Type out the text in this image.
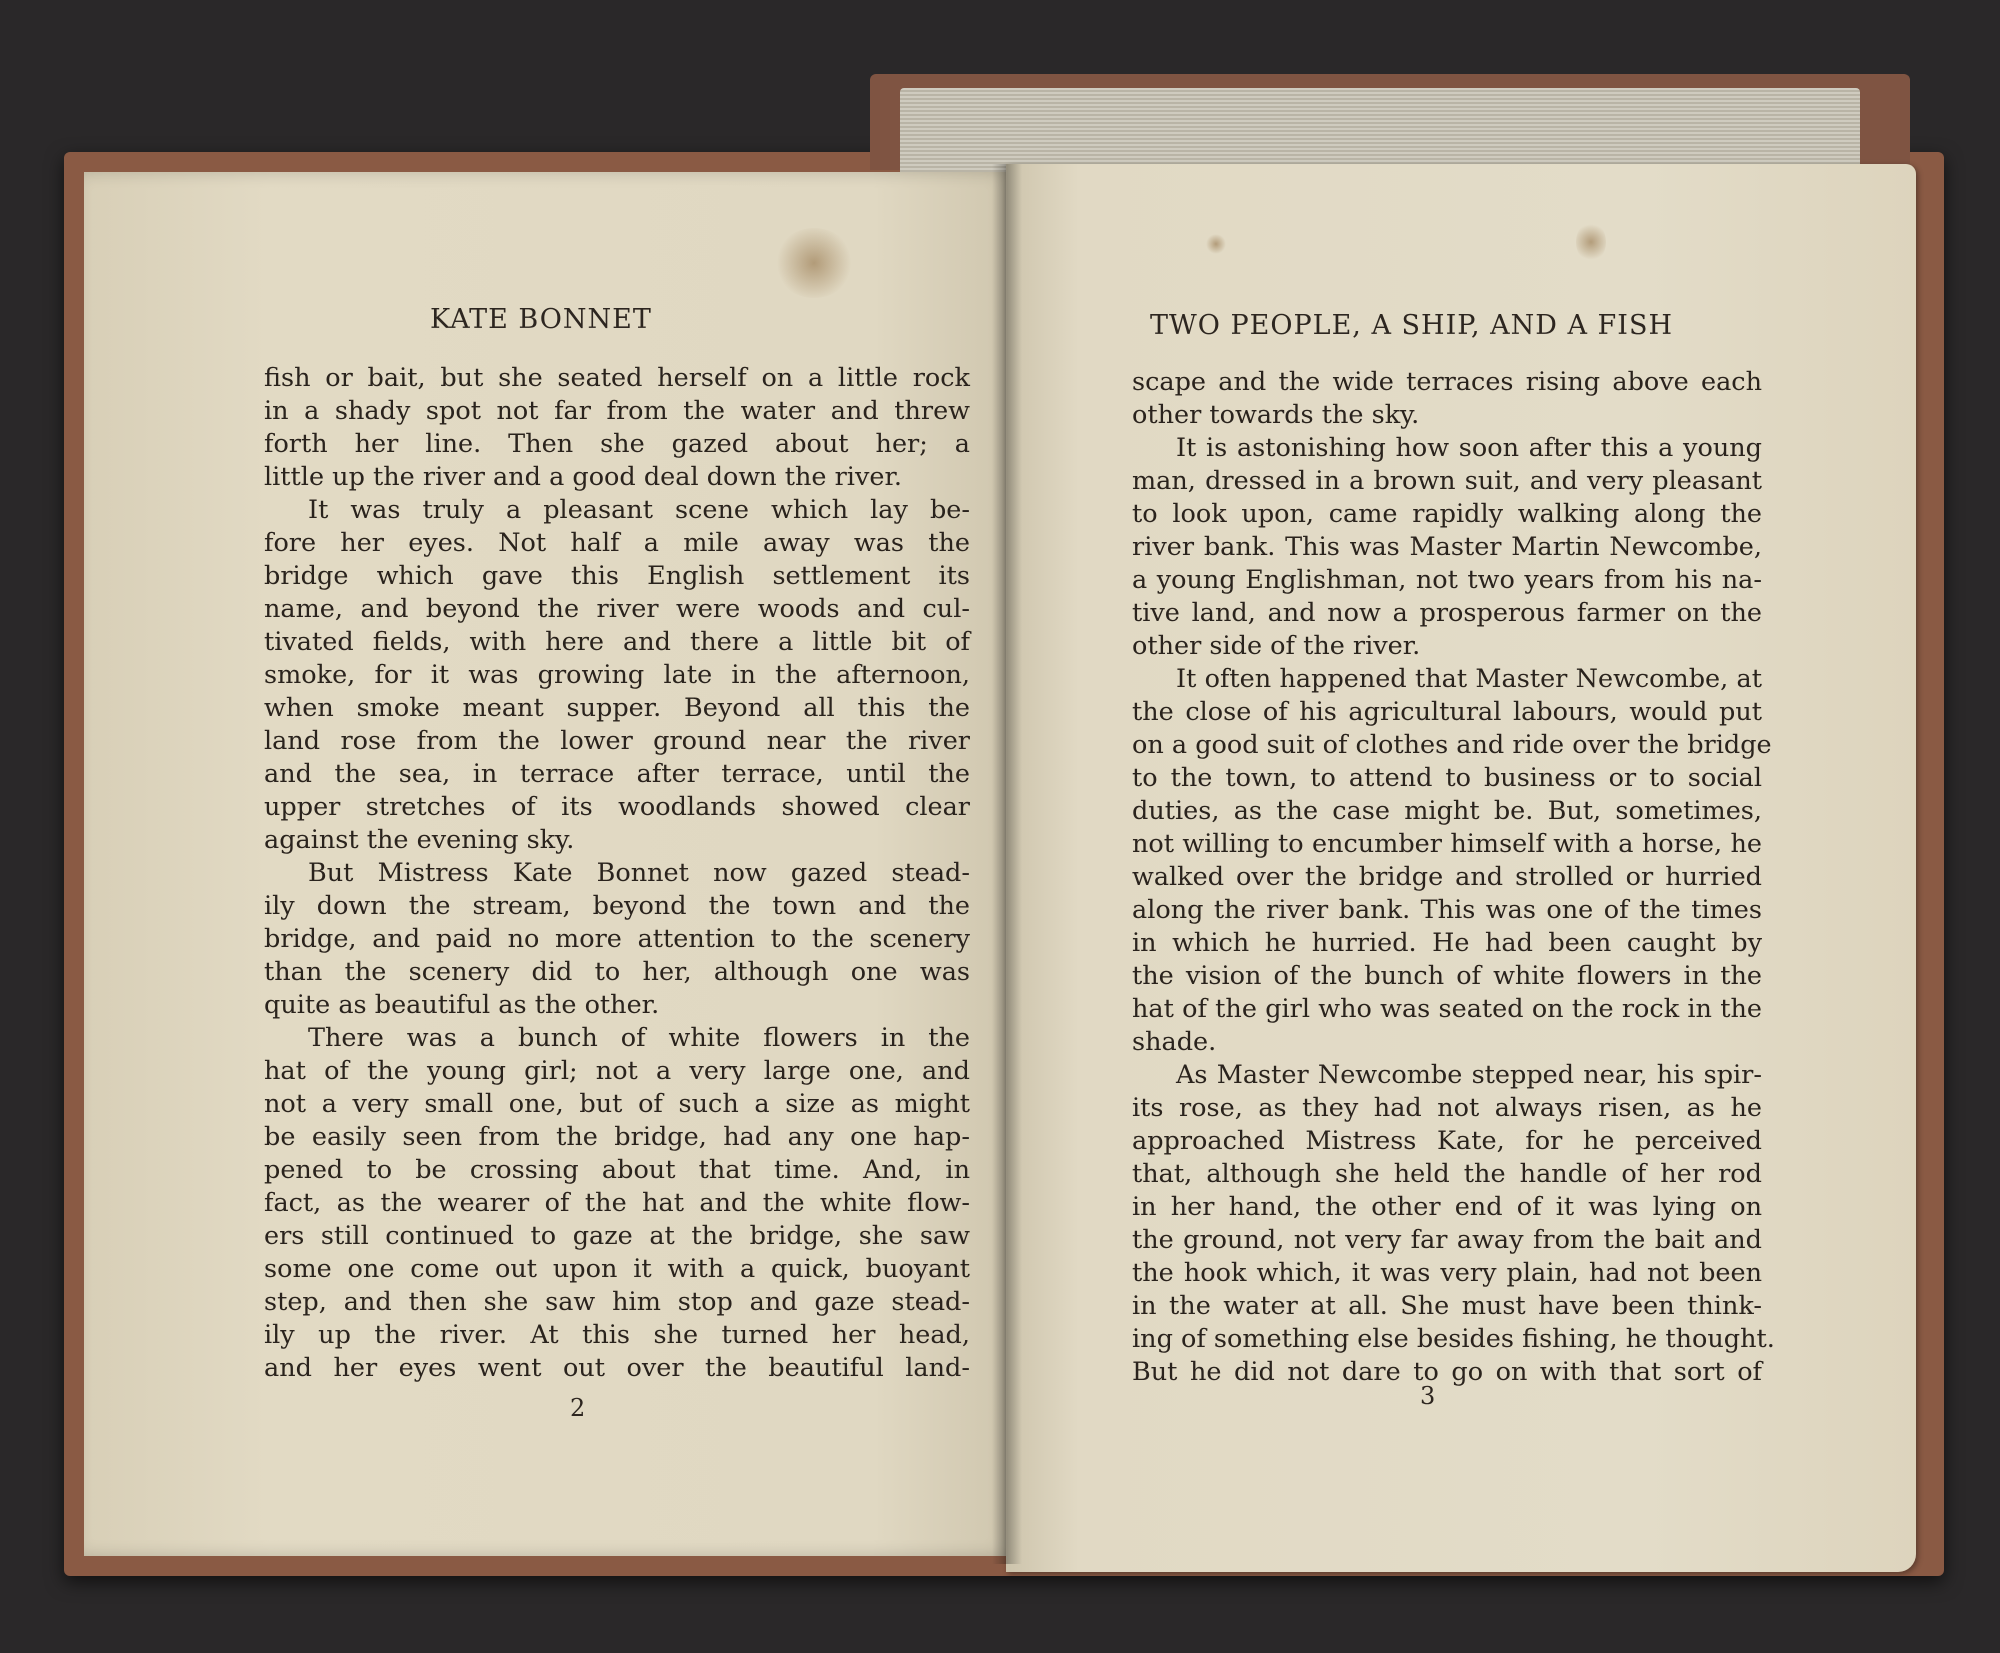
KATE BONNET
fish or bait, but she seated herself on a little rock
in a shady spot not far from the water and threw
forth her line. Then she gazed about her; a
little up the river and a good deal down the river.
It was truly a pleasant scene which lay be-
fore her eyes. Not half a mile away was the
bridge which gave this English settlement its
name, and beyond the river were woods and cul-
tivated fields, with here and there a little bit of
smoke, for it was growing late in the afternoon,
when smoke meant supper. Beyond all this the
land rose from the lower ground near the river
and the sea, in terrace after terrace, until the
upper stretches of its woodlands showed clear
against the evening sky.
But Mistress Kate Bonnet now gazed stead-
ily down the stream, beyond the town and the
bridge, and paid no more attention to the scenery
than the scenery did to her, although one was
quite as beautiful as the other.
There was a bunch of white flowers in the
hat of the young girl; not a very large one, and
not a very small one, but of such a size as might
be easily seen from the bridge, had any one hap-
pened to be crossing about that time. And, in
fact, as the wearer of the hat and the white flow-
ers still continued to gaze at the bridge, she saw
some one come out upon it with a quick, buoyant
step, and then she saw him stop and gaze stead-
ily up the river. At this she turned her head,
and her eyes went out over the beautiful land-
2
TWO PEOPLE, A SHIP, AND A FISH
scape and the wide terraces rising above each
other towards the sky.
It is astonishing how soon after this a young
man, dressed in a brown suit, and very pleasant
to look upon, came rapidly walking along the
river bank. This was Master Martin Newcombe,
a young Englishman, not two years from his na-
tive land, and now a prosperous farmer on the
other side of the river.
It often happened that Master Newcombe, at
the close of his agricultural labours, would put
on a good suit of clothes and ride over the bridge
to the town, to attend to business or to social
duties, as the case might be. But, sometimes,
not willing to encumber himself with a horse, he
walked over the bridge and strolled or hurried
along the river bank. This was one of the times
in which he hurried. He had been caught by
the vision of the bunch of white flowers in the
hat of the girl who was seated on the rock in the
shade.
As Master Newcombe stepped near, his spir-
its rose, as they had not always risen, as he
approached Mistress Kate, for he perceived
that, although she held the handle of her rod
in her hand, the other end of it was lying on
the ground, not very far away from the bait and
the hook which, it was very plain, had not been
in the water at all. She must have been think-
ing of something else besides fishing, he thought.
But he did not dare to go on with that sort of
3
